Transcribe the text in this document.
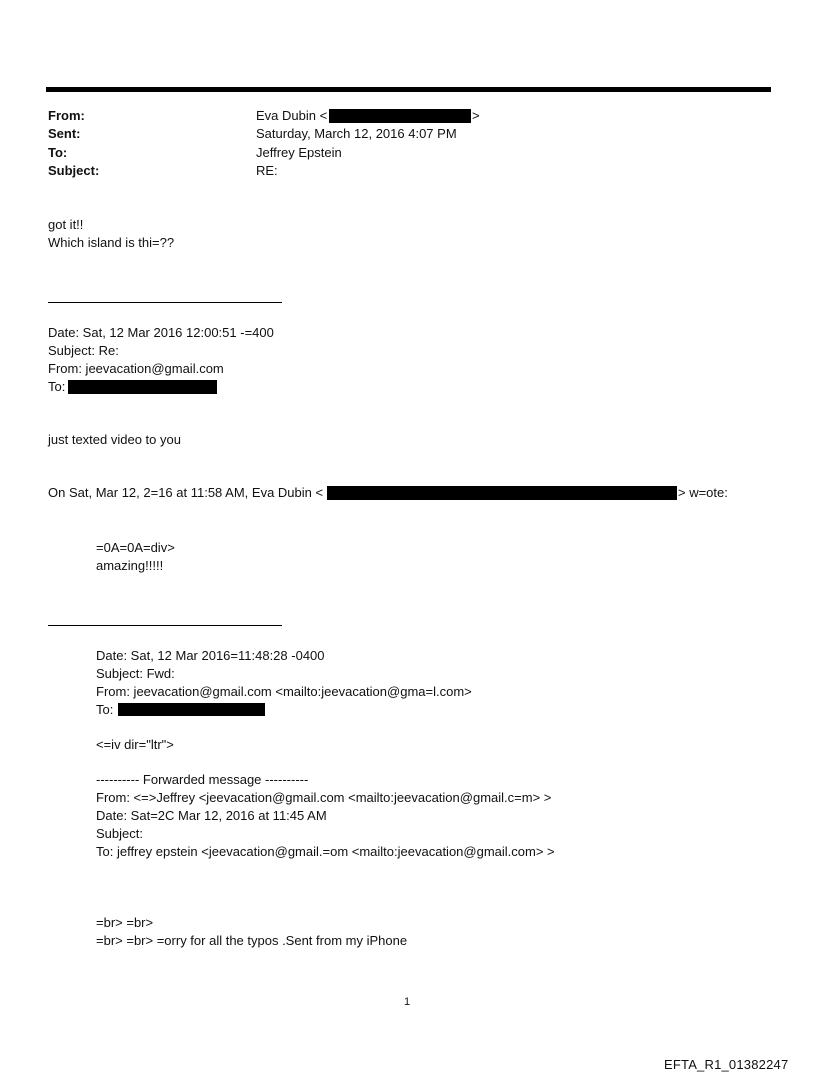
From:
Sent:
To:
Subject:
Eva Dubin <	>
Saturday, March 12, 2016 4:07 PM
Jeffrey Epstein
RE:
got it!!
Which island is thi=??
Date: Sat, 12 Mar 2016 12:00:51 -=400
Subject: Re:
From: jeevacation@gmail.com
To:
just texted video to you
On Sat, Mar 12, 2=16 at 11:58 AM, Eva Dubin <	> w=ote:
=0A=0A=div>
amazing!!!!!
Date: Sat, 12 Mar 2016=11:48:28 -0400
Subject: Fwd:
From: jeevacation@gmail.com <mailto:jeevacation@gma=l.com>
To:
<=iv dir="ltr">
---------- Forwarded message ----------
From: <=>Jeffrey <jeevacation@gmail.com <mailto:jeevacation@gmail.c=m> >
Date: Sat=2C Mar 12, 2016 at 11:45 AM
Subject:
To: jeffrey epstein <jeevacation@gmail.=om <mailto:jeevacation@gmail.com> >
=br> =br>
=br> =br> =orry for all the typos .Sent from my iPhone
1
EFTA_R1_01382247
